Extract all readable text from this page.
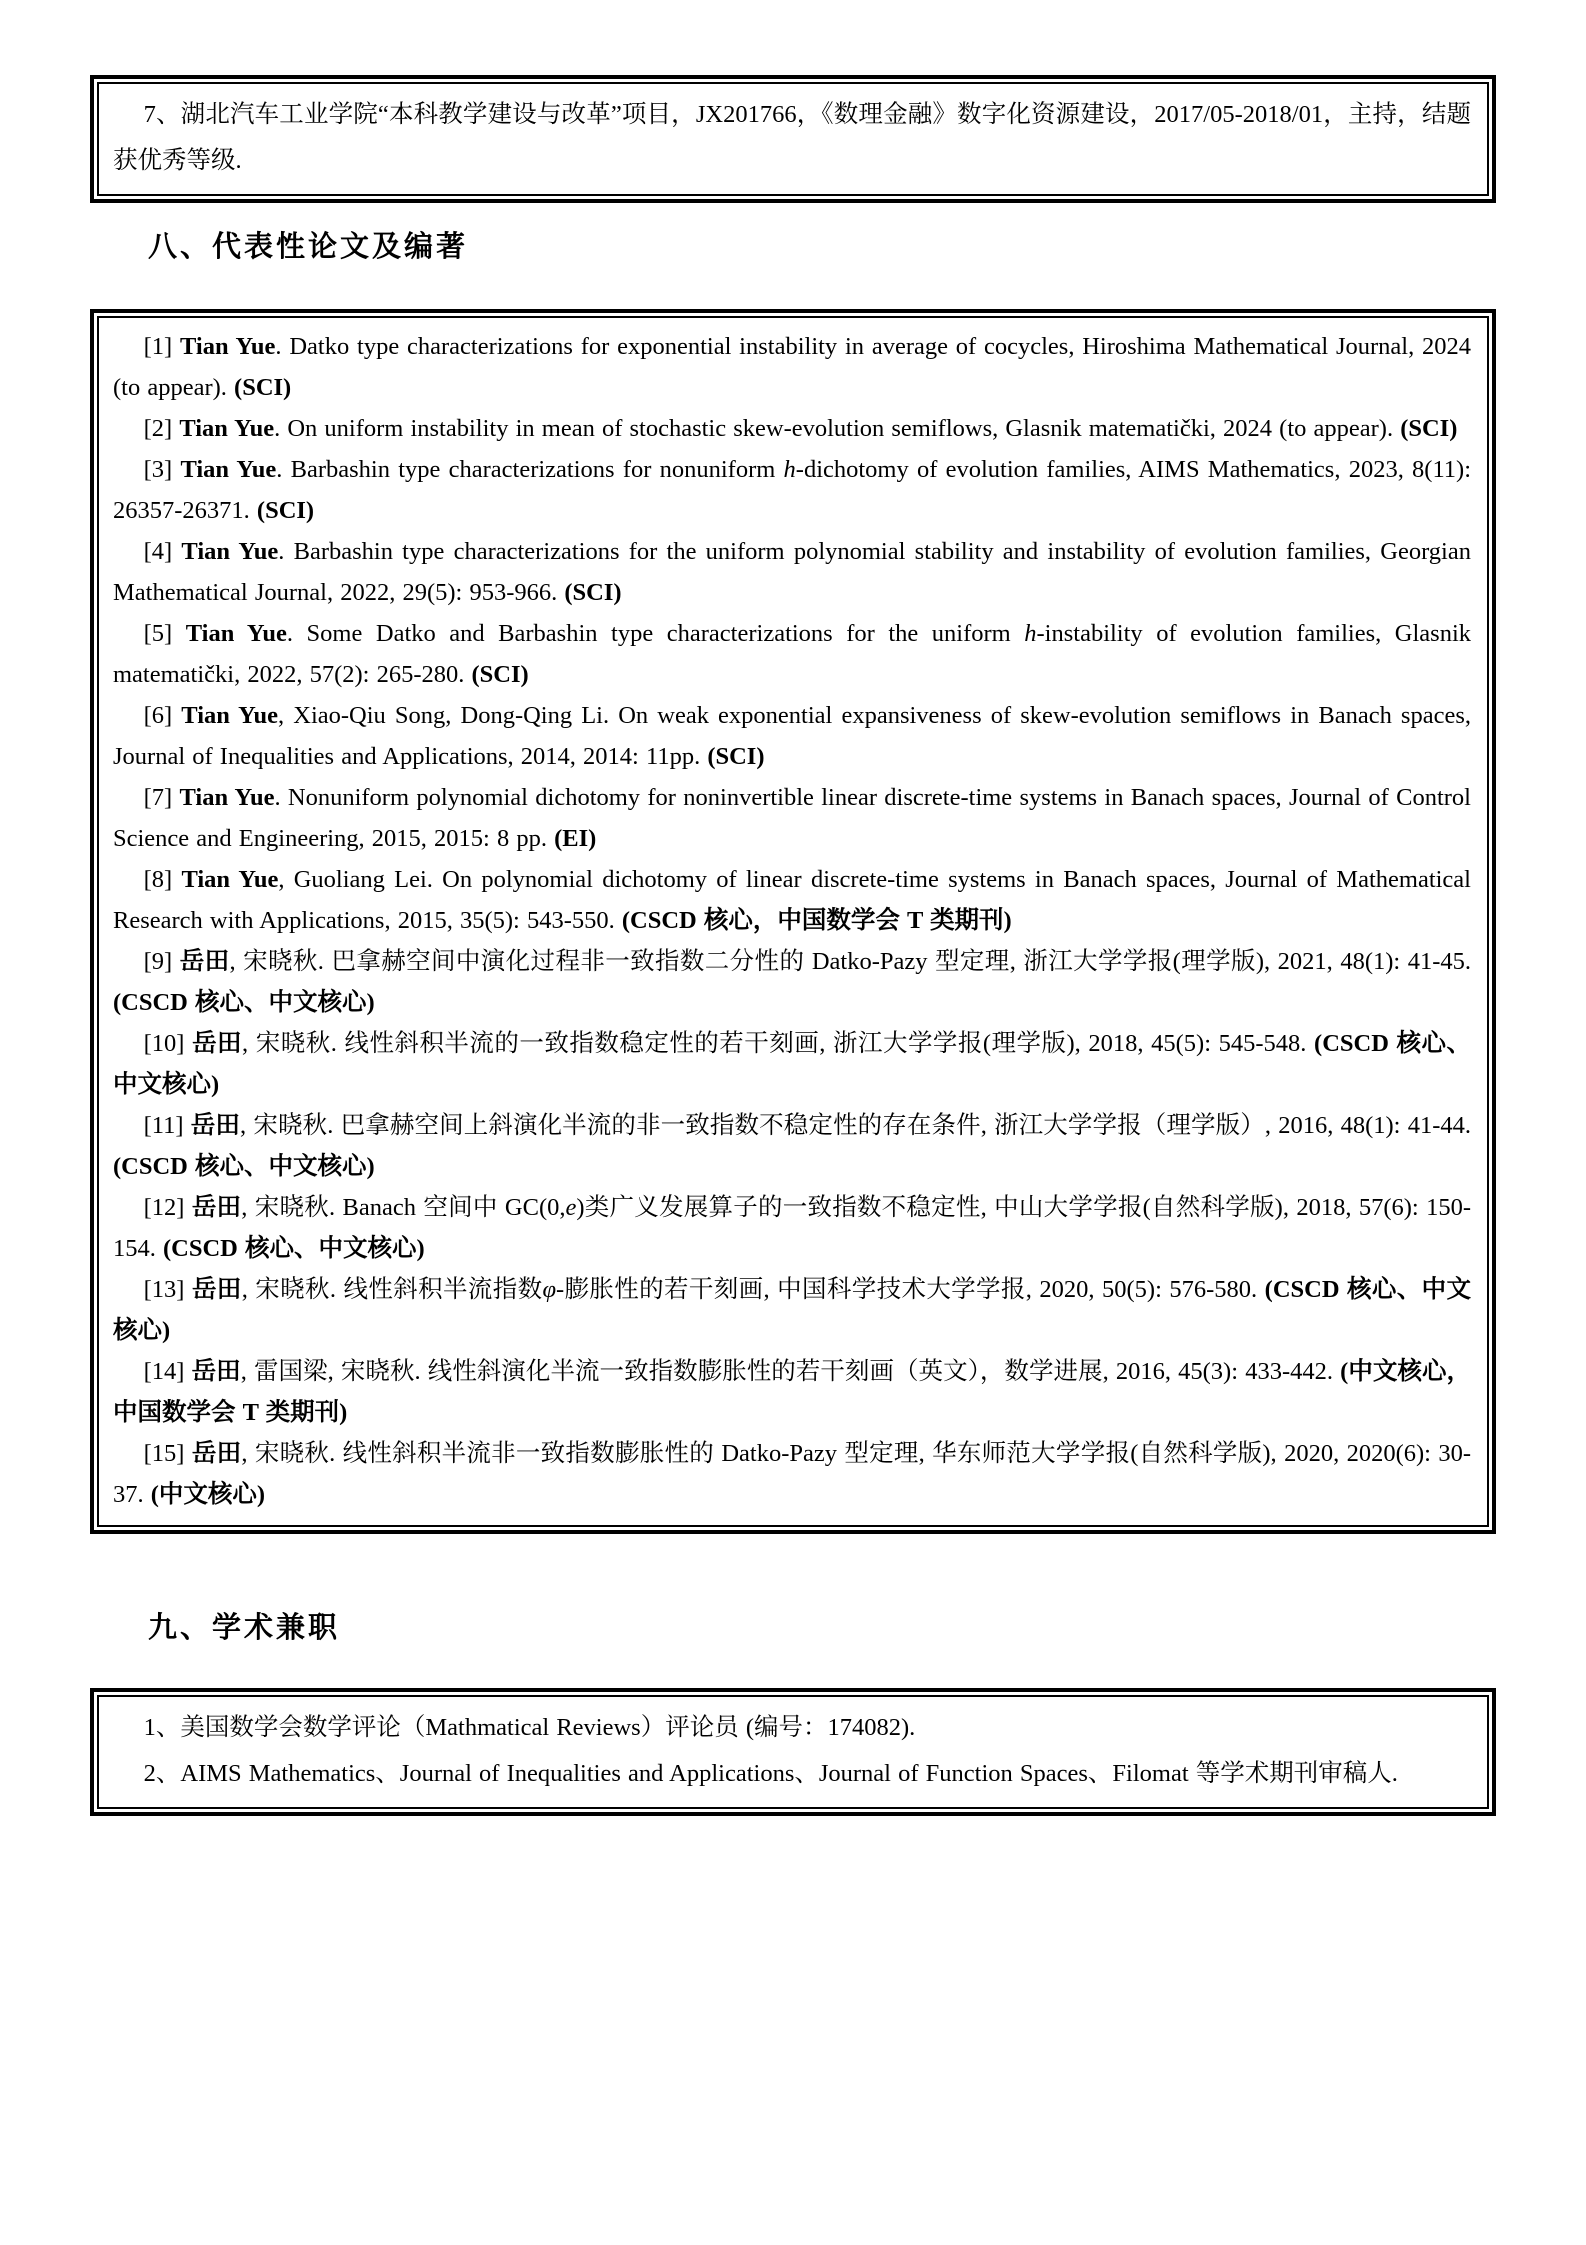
7、湖北汽车工业学院“本科教学建设与改革”项目，JX201766，《数理金融》数字化资源建设，2017/05-2018/01，主持，结题获优秀等级.

八、代表性论文及编著

[1] Tian Yue. Datko type characterizations for exponential instability in average of cocycles, Hiroshima Mathematical Journal, 2024 (to appear). (SCI)

[2] Tian Yue. On uniform instability in mean of stochastic skew-evolution semiflows, Glasnik matematički, 2024 (to appear). (SCI)

[3] Tian Yue. Barbashin type characterizations for nonuniform h-dichotomy of evolution families, AIMS Mathematics, 2023, 8(11): 26357-26371. (SCI)

[4] Tian Yue. Barbashin type characterizations for the uniform polynomial stability and instability of evolution families, Georgian Mathematical Journal, 2022, 29(5): 953-966. (SCI)

[5] Tian Yue. Some Datko and Barbashin type characterizations for the uniform h-instability of evolution families, Glasnik matematički, 2022, 57(2): 265-280. (SCI)

[6] Tian Yue, Xiao-Qiu Song, Dong-Qing Li. On weak exponential expansiveness of skew-evolution semiflows in Banach spaces, Journal of Inequalities and Applications, 2014, 2014: 11pp. (SCI)

[7] Tian Yue. Nonuniform polynomial dichotomy for noninvertible linear discrete-time systems in Banach spaces, Journal of Control Science and Engineering, 2015, 2015: 8 pp. (EI)

[8] Tian Yue, Guoliang Lei. On polynomial dichotomy of linear discrete-time systems in Banach spaces, Journal of Mathematical Research with Applications, 2015, 35(5): 543-550. (CSCD 核心，中国数学会 T 类期刊)

[9] 岳田, 宋晓秋. 巴拿赫空间中演化过程非一致指数二分性的 Datko-Pazy 型定理, 浙江大学学报(理学版), 2021, 48(1): 41-45. (CSCD 核心、中文核心)

[10] 岳田, 宋晓秋. 线性斜积半流的一致指数稳定性的若干刻画, 浙江大学学报(理学版), 2018, 45(5): 545-548. (CSCD 核心、中文核心)

[11] 岳田, 宋晓秋. 巴拿赫空间上斜演化半流的非一致指数不稳定性的存在条件, 浙江大学学报（理学版）, 2016, 48(1): 41-44. (CSCD 核心、中文核心)

[12] 岳田, 宋晓秋. Banach 空间中 GC(0,e)类广义发展算子的一致指数不稳定性, 中山大学学报(自然科学版), 2018, 57(6): 150-154. (CSCD 核心、中文核心)

[13] 岳田, 宋晓秋. 线性斜积半流指数φ-膨胀性的若干刻画, 中国科学技术大学学报, 2020, 50(5): 576-580. (CSCD 核心、中文核心)

[14] 岳田, 雷国梁, 宋晓秋. 线性斜演化半流一致指数膨胀性的若干刻画（英文），数学进展, 2016, 45(3): 433-442. (中文核心，中国数学会 T 类期刊)

[15] 岳田, 宋晓秋. 线性斜积半流非一致指数膨胀性的 Datko-Pazy 型定理, 华东师范大学学报(自然科学版), 2020, 2020(6): 30-37. (中文核心)

九、学术兼职

1、美国数学会数学评论（Mathmatical Reviews）评论员 (编号：174082).

2、AIMS Mathematics、Journal of Inequalities and Applications、Journal of Function Spaces、Filomat 等学术期刊审稿人.
